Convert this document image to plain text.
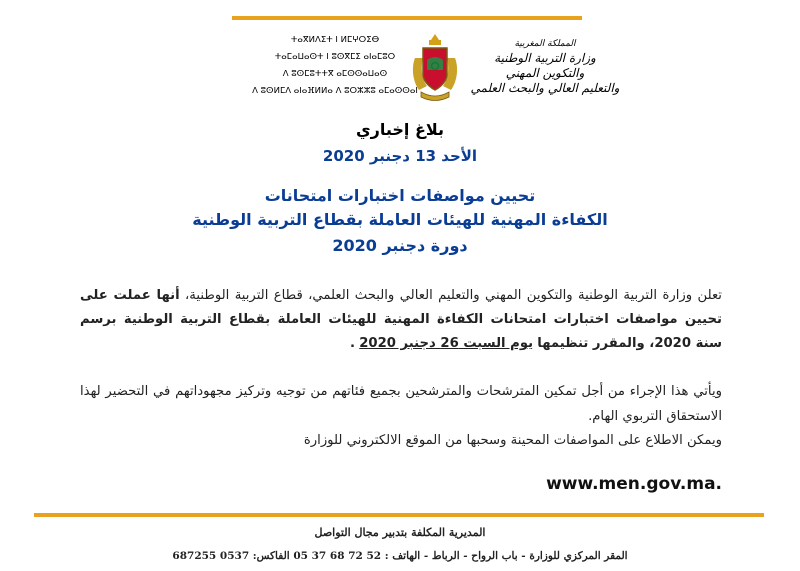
ⵜⴰⴳⵍⴷⵉⵜ ⵏ ⵍⵎⵖⵔⵉⴱ
ⵜⴰⵎⴰⵡⴰⵙⵜ ⵏ ⵓⵙⴳⵎⵉ ⴰⵏⴰⵎⵓⵔ
ⴷ ⵓⵙⵎⵓⵜⵜⴳ ⴰⵎⵙⵙⴰⵡⴰⵙ
ⴷ ⵓⵙⵍⵎⴷ ⴰⵏⴰⴼⵍⵍⴰ ⴷ ⵓⵔⵣⵣⵓ ⴰⵎⴰⵙⵙⴰⵏ
المملكة المغربية
وزارة التربية الوطنية
والتكوين المهني
والتعليم العالي والبحث العلمي
بلاغ إخباري
الأحد 13 دجنبر 2020
تحيين مواصفات اختبارات امتحانات
الكفاءة المهنية للهيئات العاملة بقطاع التربية الوطنية
دورة دجنبر 2020
تعلن وزارة التربية الوطنية والتكوين المهني والتعليم العالي والبحث العلمي، قطاع التربية الوطنية، أنها عملت على تحيين مواصفات اختبارات امتحانات الكفاءة المهنية للهيئات العاملة بقطاع التربية الوطنية برسم سنة 2020، والمقرر تنظيمها يوم السبت 26 دجنبر 2020 .
ويأتي هذا الإجراء من أجل تمكين المترشحات والمترشحين بجميع فئاتهم من توجيه وتركيز مجهوداتهم في التحضير لهذا الاستحقاق التربوي الهام.
ويمكن الاطلاع على المواصفات المحينة وسحبها من الموقع الالكتروني للوزارة
www.men.gov.ma.
المديرية المكلفة بتدبير مجال التواصل
المقر المركزي للوزارة - باب الرواح - الرباط - الهاتف : 52 72 68 37 05 الفاكس: 0537 687255
